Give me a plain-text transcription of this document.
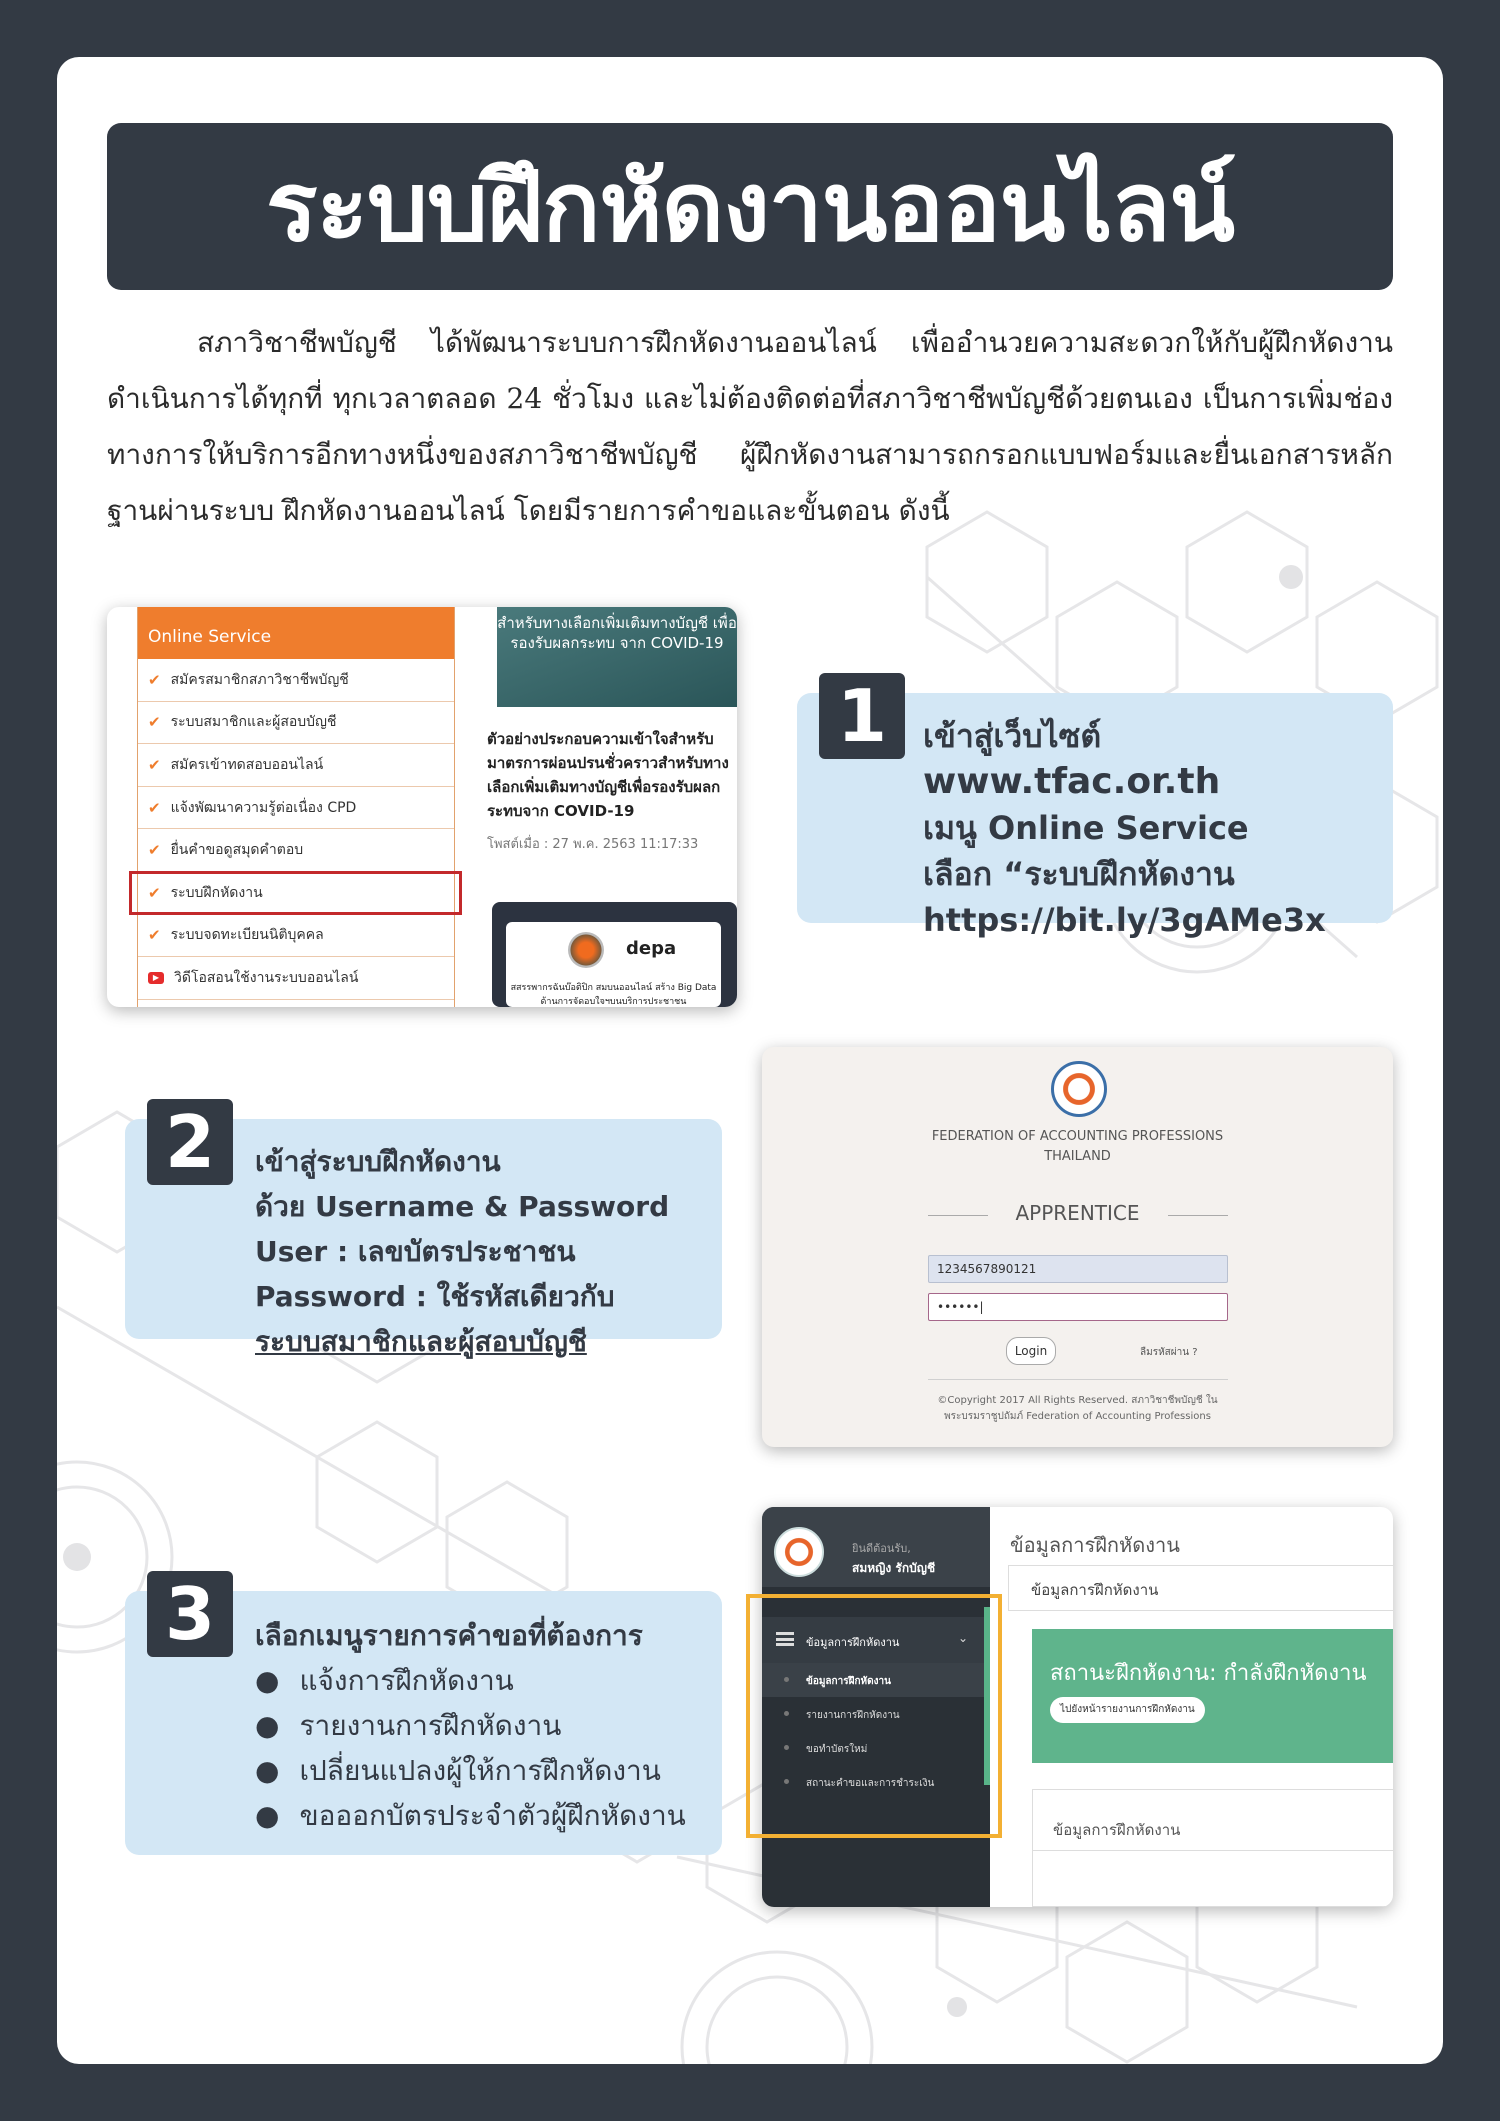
ระบบฝึกหัดงานออนไลน์

สภาวิชาชีพบัญชี ได้พัฒนาระบบการฝึกหัดงานออนไลน์ เพื่ออำนวยความสะดวกให้กับผู้ฝึกหัดงาน ดำเนินการได้ทุกที่ ทุกเวลาตลอด 24 ชั่วโมง และไม่ต้องติดต่อที่สภาวิชาชีพบัญชีด้วยตนเอง เป็นการเพิ่มช่องทางการให้บริการอีกทางหนึ่งของสภาวิชาชีพบัญชี ผู้ฝึกหัดงานสามารถกรอกแบบฟอร์มและยื่นเอกสารหลักฐานผ่านระบบ ฝึกหัดงานออนไลน์ โดยมีรายการคำขอและขั้นตอน ดังนี้

Online Service
✔ สมัครสมาชิกสภาวิชาชีพบัญชี
✔ ระบบสมาชิกและผู้สอบบัญชี
✔ สมัครเข้าทดสอบออนไลน์
✔ แจ้งพัฒนาความรู้ต่อเนื่อง CPD
✔ ยื่นคำขอดูสมุดคำตอบ
✔ ระบบฝึกหัดงาน
✔ ระบบจดทะเบียนนิติบุคคล
▶	วิดีโอสอนใช้งานระบบออนไลน์
สำหรับทางเลือกเพิ่มเติมทางบัญชี เพื่อรองรับผลกระทบ จาก COVID-19
ตัวอย่างประกอบความเข้าใจสำหรับมาตรการผ่อนปรนชั่วคราวสำหรับทางเลือกเพิ่มเติมทางบัญชีเพื่อรองรับผลกระทบจาก COVID-19
โพสต์เมื่อ : 27 พ.ค. 2563 11:17:33
depa
สสรรพากรฉันบ๊อติปิก สมบนออนไลน์ สร้าง Big Data ด้านการจัดอบใจฯบนบริการประชาชน
1	เข้าสู่เว็บไซต์ www.tfac.or.th
เมนู Online Service
เลือก “ระบบฝึกหัดงาน
https://bit.ly/3gAMe3x
FEDERATION OF ACCOUNTING PROFESSIONS
THAILAND
APPRENTICE
1234567890121
••••••|
Login	ลืมรหัสผ่าน ?
©Copyright 2017 All Rights Reserved. สภาวิชาชีพบัญชี ใน
พระบรมราชูปถัมภ์ Federation of Accounting Professions
2	เข้าสู่ระบบฝึกหัดงาน
ด้วย Username & Password
User : เลขบัตรประชาชน
Password : ใช้รหัสเดียวกับ
ระบบสมาชิกและผู้สอบบัญชี
ยินดีต้อนรับ,
สมหญิง รักบัญชี
ข้อมูลการฝึกหัดงาน	⌄
ข้อมูลการฝึกหัดงาน
รายงานการฝึกหัดงาน
ขอทำบัตรใหม่
สถานะคำขอและการชำระเงิน
ข้อมูลการฝึกหัดงาน
ข้อมูลการฝึกหัดงาน
สถานะฝึกหัดงาน: กำลังฝึกหัดงาน
ไปยังหน้ารายงานการฝึกหัดงาน
ข้อมูลการฝึกหัดงาน
3	เลือกเมนูรายการคำขอที่ต้องการ
● แจ้งการฝึกหัดงาน
● รายงานการฝึกหัดงาน
● เปลี่ยนแปลงผู้ให้การฝึกหัดงาน
● ขอออกบัตรประจำตัวผู้ฝึกหัดงาน
